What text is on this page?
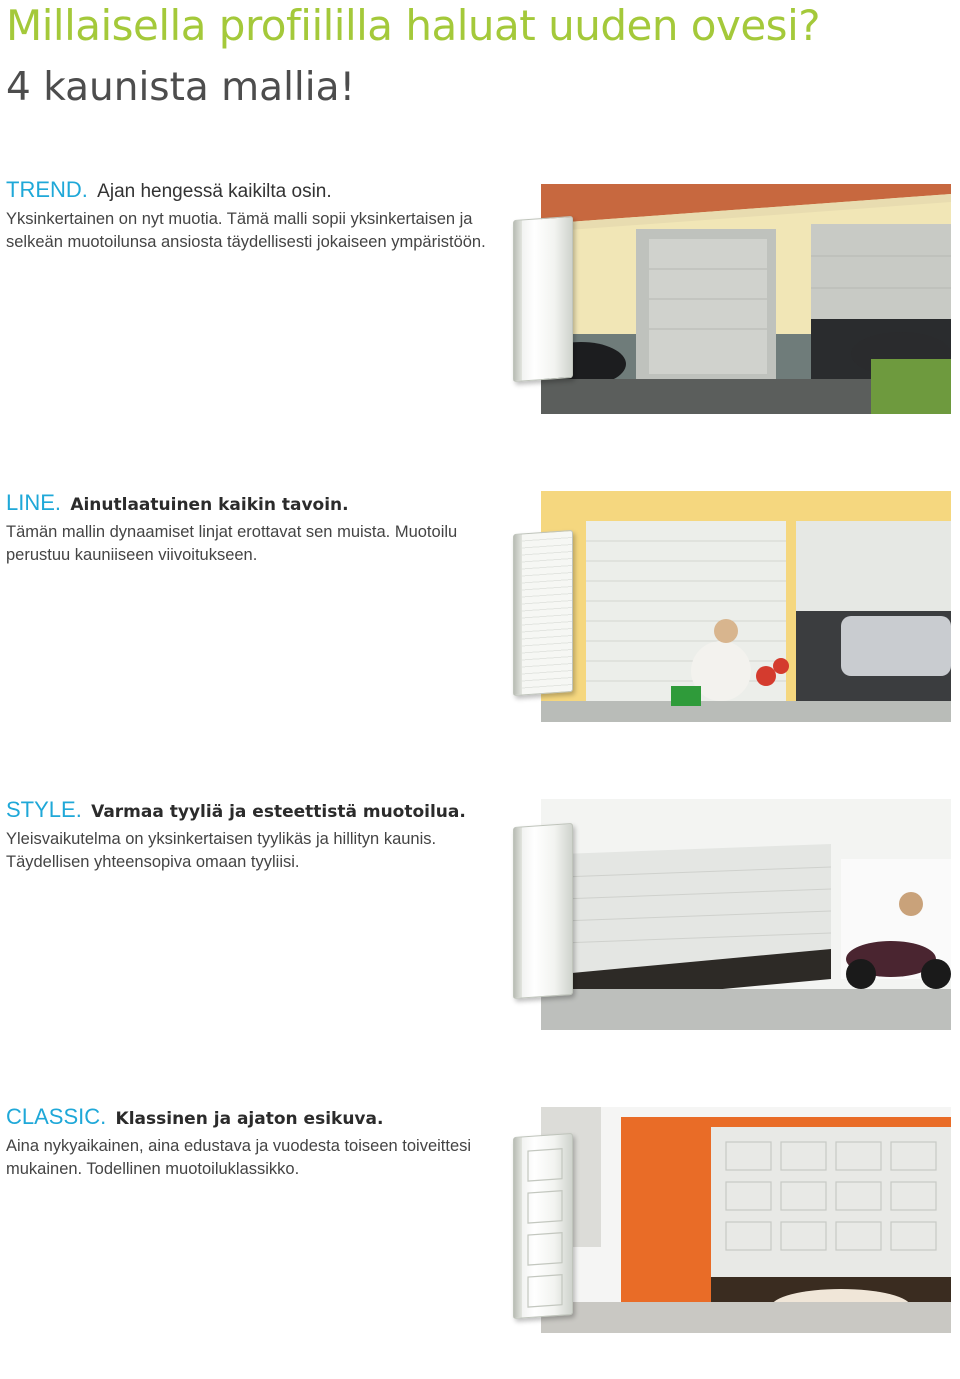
Millaisella profiililla haluat uuden ovesi?
4 kaunista mallia!

TREND. Ajan hengessä kaikilta osin.

Yksinkertainen on nyt muotia. Tämä malli sopii yksinkertaisen ja selkeän muotoilunsa ansiosta täydellisesti jokaiseen ympäristöön.

LINE. Ainutlaatuinen kaikin tavoin.

Tämän mallin dynaamiset linjat erottavat sen muista. Muotoilu perustuu kauniiseen viivoitukseen.

STYLE. Varmaa tyyliä ja esteettistä muotoilua.

Yleisvaikutelma on yksinkertaisen tyylikäs ja hillityn kaunis. Täydellisen yhteensopiva omaan tyyliisi.

CLASSIC. Klassinen ja ajaton esikuva.

Aina nykyaikainen, aina edustava ja vuodesta toiseen toiveittesi mukainen. Todellinen muotoiluklassikko.
